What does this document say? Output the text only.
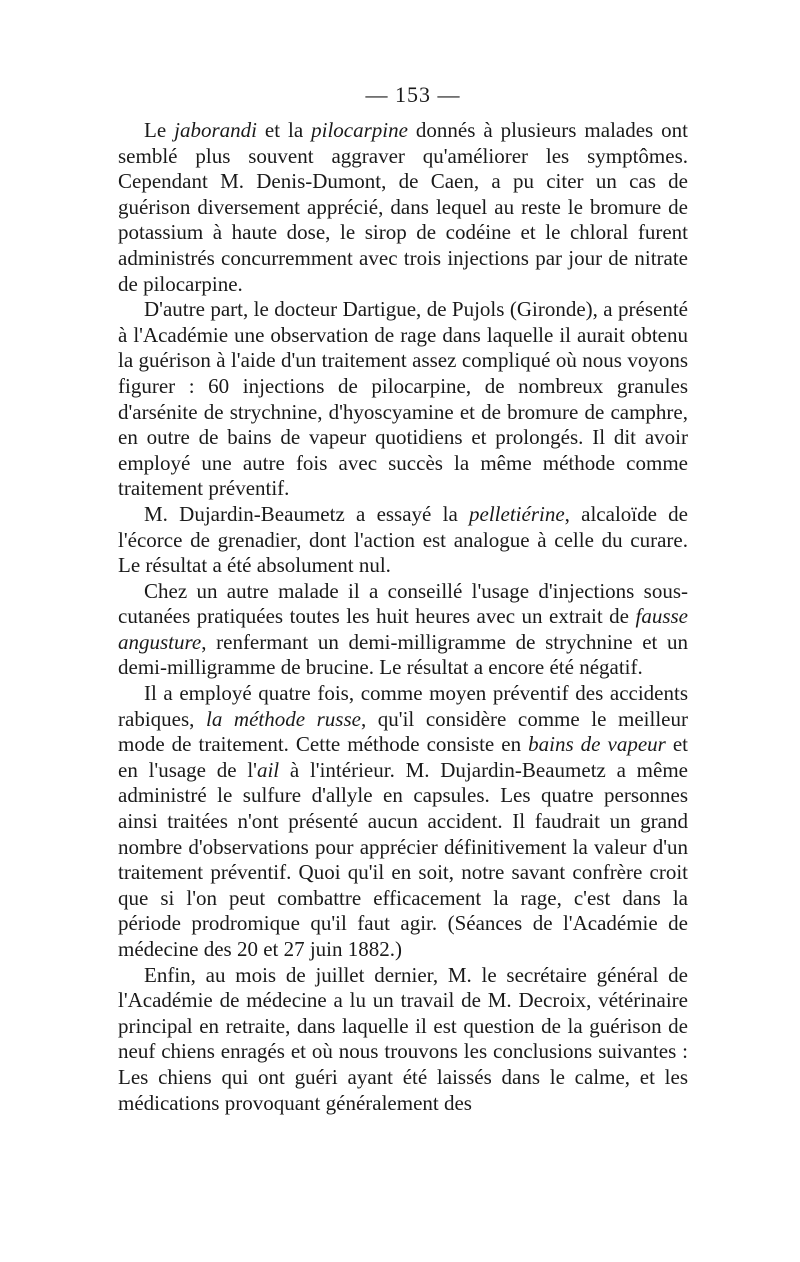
— 153 —

Le jaborandi et la pilocarpine donnés à plusieurs malades ont semblé plus souvent aggraver qu'améliorer les symptômes. Cependant M. Denis-Dumont, de Caen, a pu citer un cas de guérison diversement apprécié, dans lequel au reste le bromure de potassium à haute dose, le sirop de codéine et le chloral furent administrés concurremment avec trois injections par jour de nitrate de pilocarpine.

D'autre part, le docteur Dartigue, de Pujols (Gironde), a présenté à l'Académie une observation de rage dans laquelle il aurait obtenu la guérison à l'aide d'un traitement assez compliqué où nous voyons figurer : 60 injections de pilocarpine, de nombreux granules d'arsénite de strychnine, d'hyoscyamine et de bromure de camphre, en outre de bains de vapeur quotidiens et prolongés. Il dit avoir employé une autre fois avec succès la même méthode comme traitement préventif.

M. Dujardin-Beaumetz a essayé la pelletiérine, alcaloïde de l'écorce de grenadier, dont l'action est analogue à celle du curare. Le résultat a été absolument nul.

Chez un autre malade il a conseillé l'usage d'injections sous-cutanées pratiquées toutes les huit heures avec un extrait de fausse angusture, renfermant un demi-milligramme de strychnine et un demi-milligramme de brucine. Le résultat a encore été négatif.

Il a employé quatre fois, comme moyen préventif des accidents rabiques, la méthode russe, qu'il considère comme le meilleur mode de traitement. Cette méthode consiste en bains de vapeur et en l'usage de l'ail à l'intérieur. M. Dujardin-Beaumetz a même administré le sulfure d'allyle en capsules. Les quatre personnes ainsi traitées n'ont présenté aucun accident. Il faudrait un grand nombre d'observations pour apprécier définitivement la valeur d'un traitement préventif. Quoi qu'il en soit, notre savant confrère croit que si l'on peut combattre efficacement la rage, c'est dans la période prodromique qu'il faut agir. (Séances de l'Académie de médecine des 20 et 27 juin 1882.)

Enfin, au mois de juillet dernier, M. le secrétaire général de l'Académie de médecine a lu un travail de M. Decroix, vétérinaire principal en retraite, dans laquelle il est question de la guérison de neuf chiens enragés et où nous trouvons les conclusions suivantes : Les chiens qui ont guéri ayant été laissés dans le calme, et les médications provoquant généralement des
